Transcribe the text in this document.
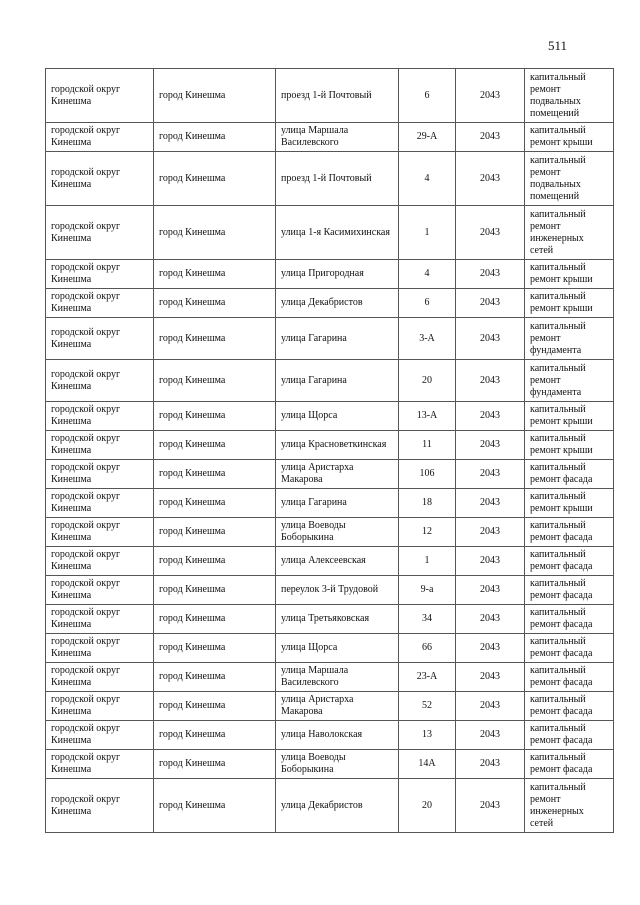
511
городской округ Кинешма	город Кинешма	проезд 1-й Почтовый	6	2043	капитальный ремонт подвальных помещений
городской округ Кинешма	город Кинешма	улица Маршала Василевского	29-А	2043	капитальный ремонт крыши
городской округ Кинешма	город Кинешма	проезд 1-й Почтовый	4	2043	капитальный ремонт подвальных помещений
городской округ Кинешма	город Кинешма	улица 1-я Касимихинская	1	2043	капитальный ремонт инженерных сетей
городской округ Кинешма	город Кинешма	улица Пригородная	4	2043	капитальный ремонт крыши
городской округ Кинешма	город Кинешма	улица Декабристов	6	2043	капитальный ремонт крыши
городской округ Кинешма	город Кинешма	улица Гагарина	3-А	2043	капитальный ремонт фундамента
городской округ Кинешма	город Кинешма	улица Гагарина	20	2043	капитальный ремонт фундамента
городской округ Кинешма	город Кинешма	улица Щорса	13-А	2043	капитальный ремонт крыши
городской округ Кинешма	город Кинешма	улица Красноветкинская	11	2043	капитальный ремонт крыши
городской округ Кинешма	город Кинешма	улица Аристарха Макарова	106	2043	капитальный ремонт фасада
городской округ Кинешма	город Кинешма	улица Гагарина	18	2043	капитальный ремонт крыши
городской округ Кинешма	город Кинешма	улица Воеводы Боборыкина	12	2043	капитальный ремонт фасада
городской округ Кинешма	город Кинешма	улица Алексеевская	1	2043	капитальный ремонт фасада
городской округ Кинешма	город Кинешма	переулок 3-й Трудовой	9-а	2043	капитальный ремонт фасада
городской округ Кинешма	город Кинешма	улица Третьяковская	34	2043	капитальный ремонт фасада
городской округ Кинешма	город Кинешма	улица Щорса	66	2043	капитальный ремонт фасада
городской округ Кинешма	город Кинешма	улица Маршала Василевского	23-А	2043	капитальный ремонт фасада
городской округ Кинешма	город Кинешма	улица Аристарха Макарова	52	2043	капитальный ремонт фасада
городской округ Кинешма	город Кинешма	улица Наволокская	13	2043	капитальный ремонт фасада
городской округ Кинешма	город Кинешма	улица Воеводы Боборыкина	14А	2043	капитальный ремонт фасада
городской округ Кинешма	город Кинешма	улица Декабристов	20	2043	капитальный ремонт инженерных сетей
